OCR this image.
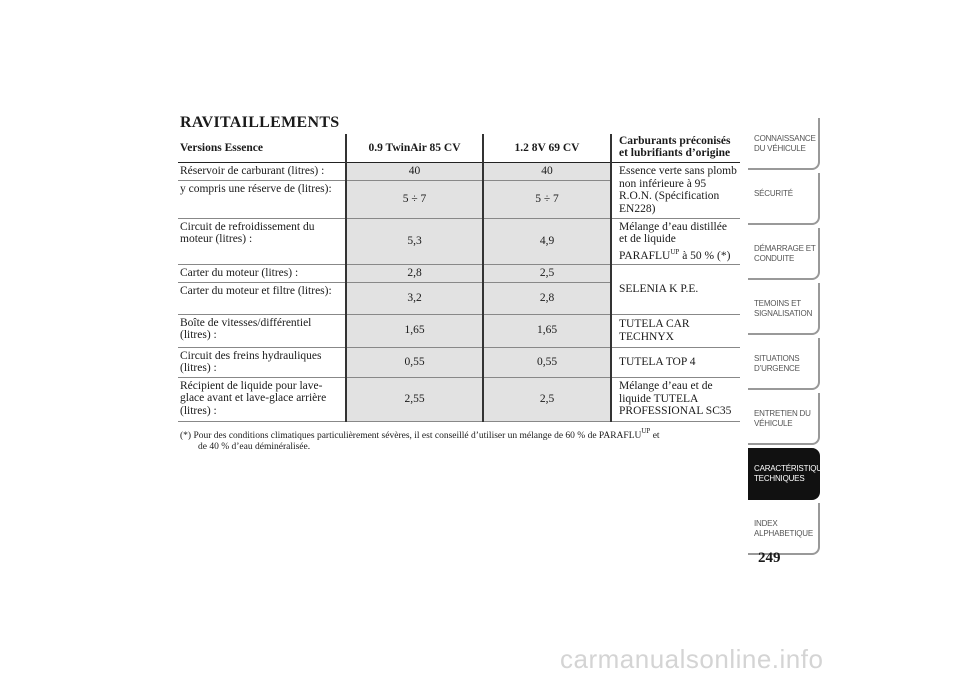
RAVITAILLEMENTS
Versions Essence	0.9 TwinAir 85 CV	1.2 8V 69 CV	Carburants préconisés
et lubrifiants d’origine
Réservoir de carburant (litres) :	40	40	Essence verte sans plomb non inférieure à 95 R.O.N. (Spécification EN228)
y compris une réserve de (litres):	5 ÷ 7	5 ÷ 7	
Circuit de refroidissement du moteur (litres) :	5,3	4,9	Mélange d’eau distillée et de liquide $PARAFLU^{UP}$ à 50 % (*)
Carter du moteur (litres) :	2,8	2,5	SELENIA K P.E.
Carter du moteur et filtre (litres):	3,2	2,8	
Boîte de vitesses/différentiel (litres) :	1,65	1,65	TUTELA CAR TECHNYX
Circuit des freins hydrauliques (litres) :	0,55	0,55	TUTELA TOP 4
Récipient de liquide pour lave-glace avant et lave-glace arrière (litres) :	2,55	2,5	Mélange d’eau et de liquide TUTELA PROFESSIONAL SC35

(*) Pour des conditions climatiques particulièrement sévères, il est conseillé d’utiliser un mélange de 60 % de $PARAFLU^{UP}$ et
de 40 % d’eau déminéralisée.

CONNAISSANCE DU VÉHICULE
SÉCURITÉ
DÉMARRAGE ET CONDUITE
TEMOINS ET SIGNALISATION
SITUATIONS D’URGENCE
ENTRETIEN DU VÉHICULE
CARACTÉRISTIQUES TECHNIQUES
INDEX ALPHABETIQUE
249
carmanualsonline.info
